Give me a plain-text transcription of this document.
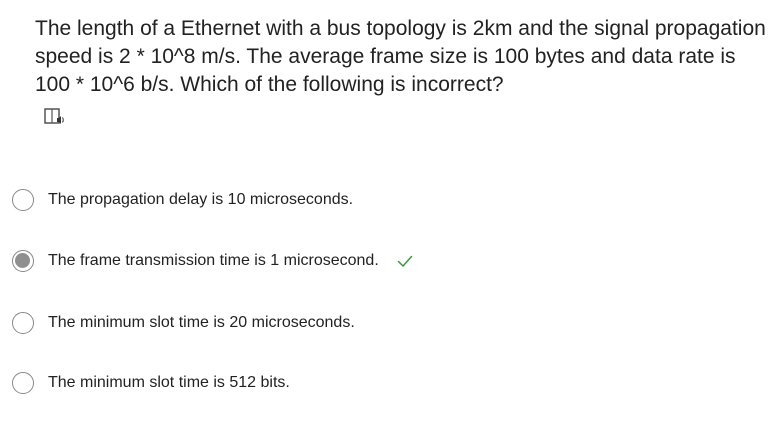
The length of a Ethernet with a bus topology is 2km and the signal propagation speed is 2 * 10^8 m/s. The average frame size is 100 bytes and data rate is 100 * 10^6 b/s. Which of the following is incorrect?

The propagation delay is 10 microseconds.
The frame transmission time is 1 microsecond.
The minimum slot time is 20 microseconds.
The minimum slot time is 512 bits.
